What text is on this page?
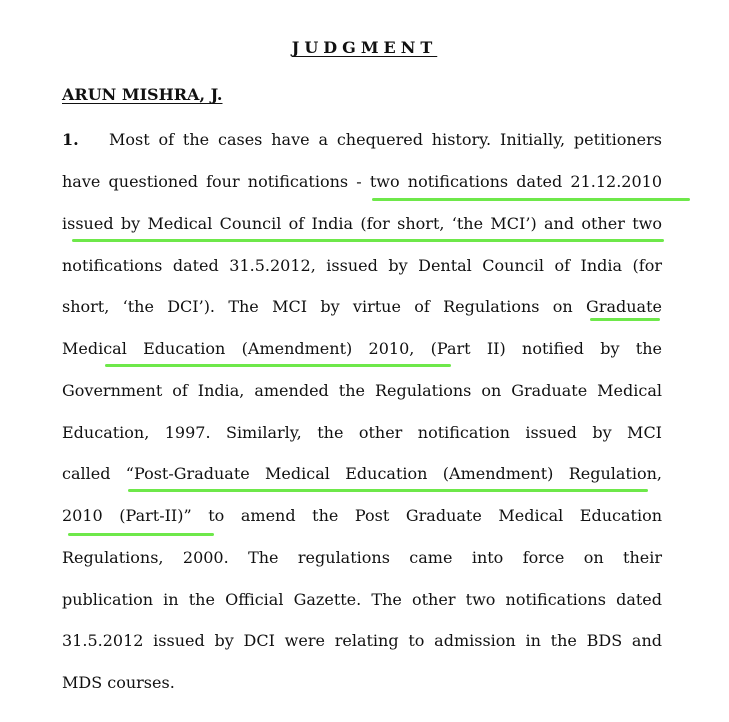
JUDGMENT
ARUN MISHRA, J.
1. Most of the cases have a chequered history. Initially, petitioners
have questioned four notifications - two notifications dated 21.12.2010
issued by Medical Council of India (for short, ‘the MCI’) and other two
notifications dated 31.5.2012, issued by Dental Council of India (for
short, ‘the DCI’). The MCI by virtue of Regulations on Graduate
Medical Education (Amendment) 2010, (Part II) notified by the
Government of India, amended the Regulations on Graduate Medical
Education, 1997. Similarly, the other notification issued by MCI
called “Post-Graduate Medical Education (Amendment) Regulation,
2010 (Part-II)” to amend the Post Graduate Medical Education
Regulations, 2000. The regulations came into force on their
publication in the Official Gazette. The other two notifications dated
31.5.2012 issued by DCI were relating to admission in the BDS and
MDS courses.
